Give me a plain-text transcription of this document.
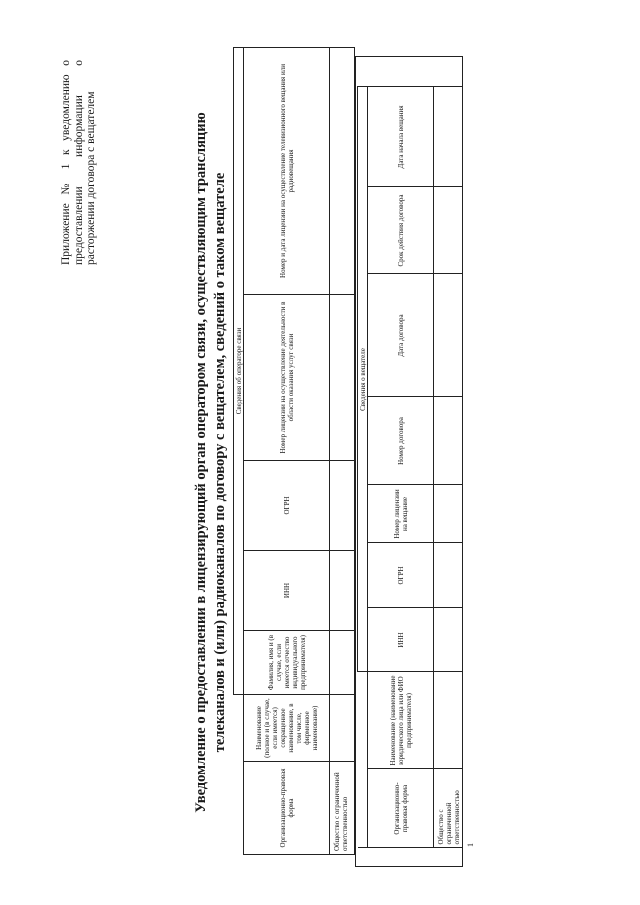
Приложение № 1 к уведомлению о предоставлении информации о расторжении договора с вещателем	Уведомление о предоставлении в лицензирующий орган оператором связи, осуществляющим трансляцию телеканалов и (или) радиоканалов по договору с вещателем, сведений о таком вещателе
		Сведения об операторе связи				
Организационно-правовая форма	Наименование (полное и (в случае, если имеется) сокращенное наименование, в том числе, фирменное наименование)	Фамилия, имя и (в случае, если имеется отчество индивидуального предпринимателя)	ИНН	ОГРН	Номер лицензии на осуществление деятельности в области оказания услуг связи	Номер и дата лицензии на осуществление телевизионного вещания или радиовещания
Общество с ограниченной ответственностью						
			Сведения о вещателе							
	Организационно-правовая форма	Наименование (наименование юридического лица или ФИО предпринимателя)	ИНН	ОГРН	Номер лицензии на вещание	Номер договора	Дата договора	Срок действия договора	Дата начала вещания	
	Общество с ограниченной ответственностью									
1
